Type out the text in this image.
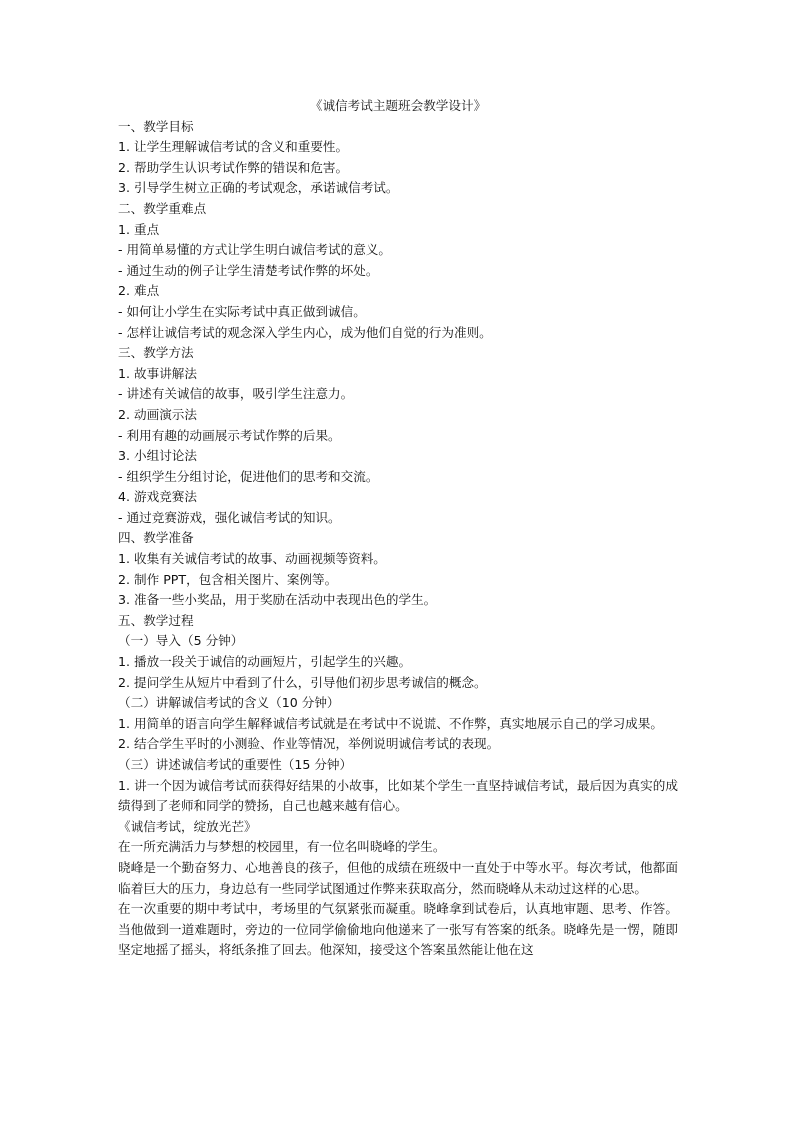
《诚信考试主题班会教学设计》

一、教学目标

1. 让学生理解诚信考试的含义和重要性。

2. 帮助学生认识考试作弊的错误和危害。

3. 引导学生树立正确的考试观念，承诺诚信考试。

二、教学重难点

1. 重点

- 用简单易懂的方式让学生明白诚信考试的意义。

- 通过生动的例子让学生清楚考试作弊的坏处。

2. 难点

- 如何让小学生在实际考试中真正做到诚信。

- 怎样让诚信考试的观念深入学生内心，成为他们自觉的行为准则。

三、教学方法

1. 故事讲解法

- 讲述有关诚信的故事，吸引学生注意力。

2. 动画演示法

- 利用有趣的动画展示考试作弊的后果。

3. 小组讨论法

- 组织学生分组讨论，促进他们的思考和交流。

4. 游戏竞赛法

- 通过竞赛游戏，强化诚信考试的知识。

四、教学准备

1. 收集有关诚信考试的故事、动画视频等资料。

2. 制作 PPT，包含相关图片、案例等。

3. 准备一些小奖品，用于奖励在活动中表现出色的学生。

五、教学过程

（一）导入（5 分钟）

1. 播放一段关于诚信的动画短片，引起学生的兴趣。

2. 提问学生从短片中看到了什么，引导他们初步思考诚信的概念。

（二）讲解诚信考试的含义（10 分钟）

1. 用简单的语言向学生解释诚信考试就是在考试中不说谎、不作弊，真实地展示自己的学习成果。

2. 结合学生平时的小测验、作业等情况，举例说明诚信考试的表现。

（三）讲述诚信考试的重要性（15 分钟）

1. 讲一个因为诚信考试而获得好结果的小故事，比如某个学生一直坚持诚信考试，最后因为真实的成绩得到了老师和同学的赞扬，自己也越来越有信心。

《诚信考试，绽放光芒》

在一所充满活力与梦想的校园里，有一位名叫晓峰的学生。

晓峰是一个勤奋努力、心地善良的孩子，但他的成绩在班级中一直处于中等水平。每次考试，他都面临着巨大的压力，身边总有一些同学试图通过作弊来获取高分，然而晓峰从未动过这样的心思。

在一次重要的期中考试中，考场里的气氛紧张而凝重。晓峰拿到试卷后，认真地审题、思考、作答。当他做到一道难题时，旁边的一位同学偷偷地向他递来了一张写有答案的纸条。晓峰先是一愣，随即坚定地摇了摇头，将纸条推了回去。他深知，接受这个答案虽然能让他在这
